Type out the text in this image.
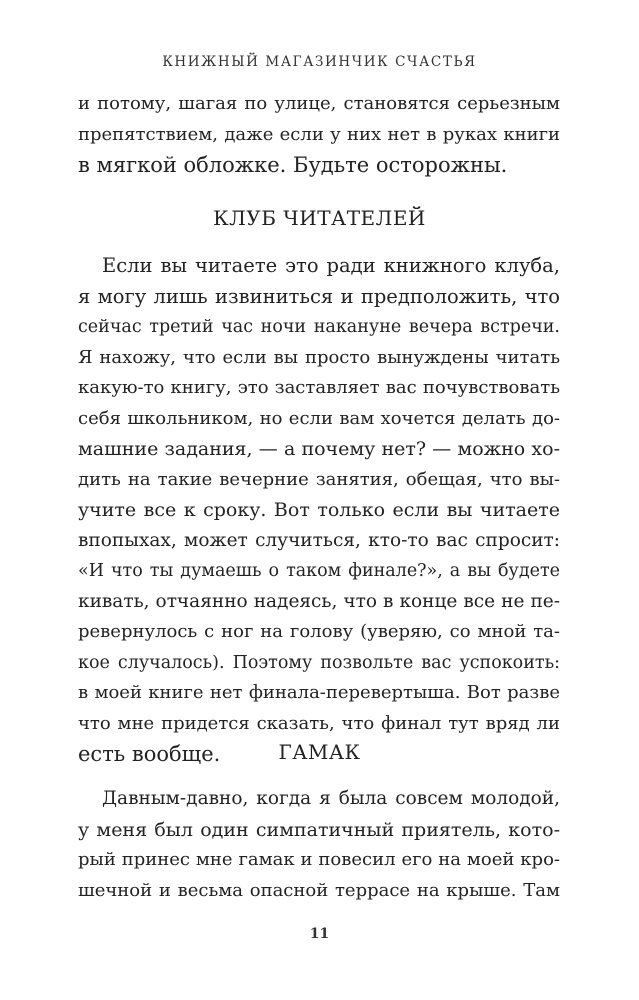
КНИЖНЫЙ МАГАЗИНЧИК СЧАСТЬЯ
и потому, шагая по улице, становятся серьезным
препятствием, даже если у них нет в руках книги
в мягкой обложке. Будьте осторожны.
КЛУБ ЧИТАТЕЛЕЙ
Если вы читаете это ради книжного клуба,
я могу лишь извиниться и предположить, что
сейчас третий час ночи накануне вечера встречи.
Я нахожу, что если вы просто вынуждены читать
какую-то книгу, это заставляет вас почувствовать
себя школьником, но если вам хочется делать до-
машние задания, — а почему нет? — можно хо-
дить на такие вечерние занятия, обещая, что вы-
учите все к сроку. Вот только если вы читаете
впопыхах, может случиться, кто-то вас спросит:
«И что ты думаешь о таком финале?», а вы будете
кивать, отчаянно надеясь, что в конце все не пе-
ревернулось с ног на голову (уверяю, со мной та-
кое случалось). Поэтому позвольте вас успокоить:
в моей книге нет финала-перевертыша. Вот разве
что мне придется сказать, что финал тут вряд ли
есть вообще.	ГАМАК
Давным-давно, когда я была совсем молодой,
у меня был один симпатичный приятель, кото-
рый принес мне гамак и повесил его на моей кро-
шечной и весьма опасной террасе на крыше. Там
11
